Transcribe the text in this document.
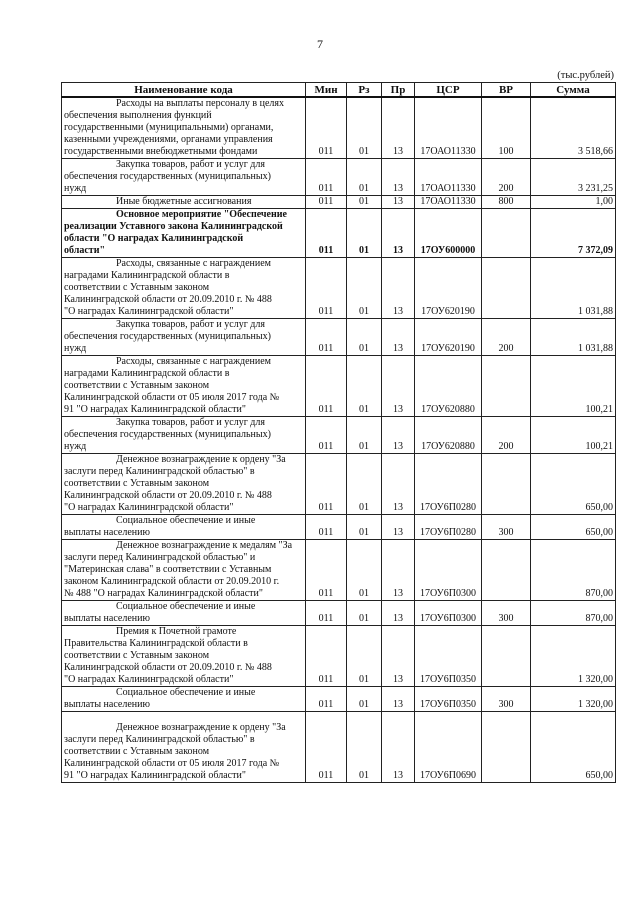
7
(тыс.рублей)
Наименование кода	Мин	Рз	Пр	ЦСР	ВР	Сумма

Расходы на выплаты персоналу в целях
обеспечения выполнения функций
государственными (муниципальными) органами,
казенными учреждениями, органами управления
государственными внебюджетными фондами	011	01	13	17ОАО11330	100	3 518,66

Закупка товаров, работ и услуг для
обеспечения государственных (муниципальных)
нужд	011	01	13	17ОАО11330	200	3 231,25

Иные бюджетные ассигнования	011	01	13	17ОАО11330	800	1,00

Основное мероприятие "Обеспечение
реализации Уставного закона Калининградской
области "О наградах Калининградской
области"	011	01	13	17ОУ600000		7 372,09

Расходы, связанные с награждением
наградами Калининградской области в
соответствии с Уставным законом
Калининградской области от 20.09.2010 г. № 488
"О наградах Калининградской области"	011	01	13	17ОУ620190		1 031,88

Закупка товаров, работ и услуг для
обеспечения государственных (муниципальных)
нужд	011	01	13	17ОУ620190	200	1 031,88

Расходы, связанные с награждением
наградами Калининградской области в
соответствии с Уставным законом
Калининградской области от 05 июля 2017 года №
91 "О наградах Калининградской области"	011	01	13	17ОУ620880		100,21

Закупка товаров, работ и услуг для
обеспечения государственных (муниципальных)
нужд	011	01	13	17ОУ620880	200	100,21

Денежное вознаграждение к ордену "За
заслуги перед Калининградской областью" в
соответствии с Уставным законом
Калининградской области от 20.09.2010 г. № 488
"О наградах Калининградской области"	011	01	13	17ОУ6П0280		650,00

Социальное обеспечение и иные
выплаты населению	011	01	13	17ОУ6П0280	300	650,00

Денежное вознаграждение к медалям "За
заслуги перед Калининградской областью" и
"Материнская слава" в соответствии с Уставным
законом Калининградской области от 20.09.2010 г.
№ 488 "О наградах Калининградской области"	011	01	13	17ОУ6П0300		870,00

Социальное обеспечение и иные
выплаты населению	011	01	13	17ОУ6П0300	300	870,00

Премия к Почетной грамоте
Правительства Калининградской области в
соответствии с Уставным законом
Калининградской области от 20.09.2010 г. № 488
"О наградах Калининградской области"	011	01	13	17ОУ6П0350		1 320,00

Социальное обеспечение и иные
выплаты населению	011	01	13	17ОУ6П0350	300	1 320,00

Денежное вознаграждение к ордену "За
заслуги перед Калининградской областью" в
соответствии с Уставным законом
Калининградской области от 05 июля 2017 года №
91 "О наградах Калининградской области"	011	01	13	17ОУ6П0690		650,00
